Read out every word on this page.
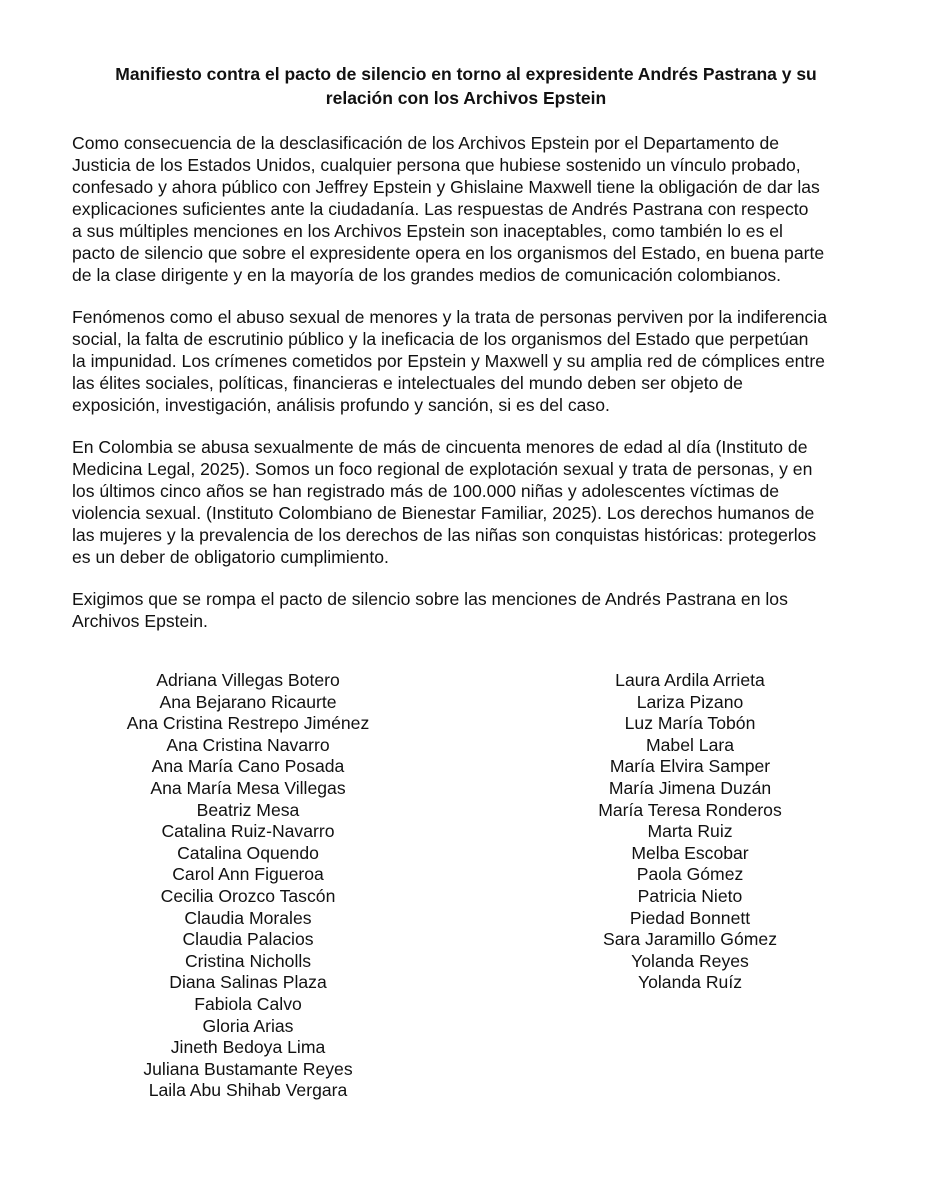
Manifiesto contra el pacto de silencio en torno al expresidente Andrés Pastrana y su
relación con los Archivos Epstein

Como consecuencia de la desclasificación de los Archivos Epstein por el Departamento de
Justicia de los Estados Unidos, cualquier persona que hubiese sostenido un vínculo probado,
confesado y ahora público con Jeffrey Epstein y Ghislaine Maxwell tiene la obligación de dar las
explicaciones suficientes ante la ciudadanía. Las respuestas de Andrés Pastrana con respecto
a sus múltiples menciones en los Archivos Epstein son inaceptables, como también lo es el
pacto de silencio que sobre el expresidente opera en los organismos del Estado, en buena parte
de la clase dirigente y en la mayoría de los grandes medios de comunicación colombianos.

Fenómenos como el abuso sexual de menores y la trata de personas perviven por la indiferencia
social, la falta de escrutinio público y la ineficacia de los organismos del Estado que perpetúan
la impunidad. Los crímenes cometidos por Epstein y Maxwell y su amplia red de cómplices entre
las élites sociales, políticas, financieras e intelectuales del mundo deben ser objeto de
exposición, investigación, análisis profundo y sanción, si es del caso.

En Colombia se abusa sexualmente de más de cincuenta menores de edad al día (Instituto de
Medicina Legal, 2025). Somos un foco regional de explotación sexual y trata de personas, y en
los últimos cinco años se han registrado más de 100.000 niñas y adolescentes víctimas de
violencia sexual. (Instituto Colombiano de Bienestar Familiar, 2025). Los derechos humanos de
las mujeres y la prevalencia de los derechos de las niñas son conquistas históricas: protegerlos
es un deber de obligatorio cumplimiento.

Exigimos que se rompa el pacto de silencio sobre las menciones de Andrés Pastrana en los
Archivos Epstein.

Adriana Villegas Botero
Ana Bejarano Ricaurte
Ana Cristina Restrepo Jiménez
Ana Cristina Navarro
Ana María Cano Posada
Ana María Mesa Villegas
Beatriz Mesa
Catalina Ruiz-Navarro
Catalina Oquendo
Carol Ann Figueroa
Cecilia Orozco Tascón
Claudia Morales
Claudia Palacios
Cristina Nicholls
Diana Salinas Plaza
Fabiola Calvo
Gloria Arias
Jineth Bedoya Lima
Juliana Bustamante Reyes
Laila Abu Shihab Vergara
Laura Ardila Arrieta
Lariza Pizano
Luz María Tobón
Mabel Lara
María Elvira Samper
María Jimena Duzán
María Teresa Ronderos
Marta Ruiz
Melba Escobar
Paola Gómez
Patricia Nieto
Piedad Bonnett
Sara Jaramillo Gómez
Yolanda Reyes
Yolanda Ruíz
